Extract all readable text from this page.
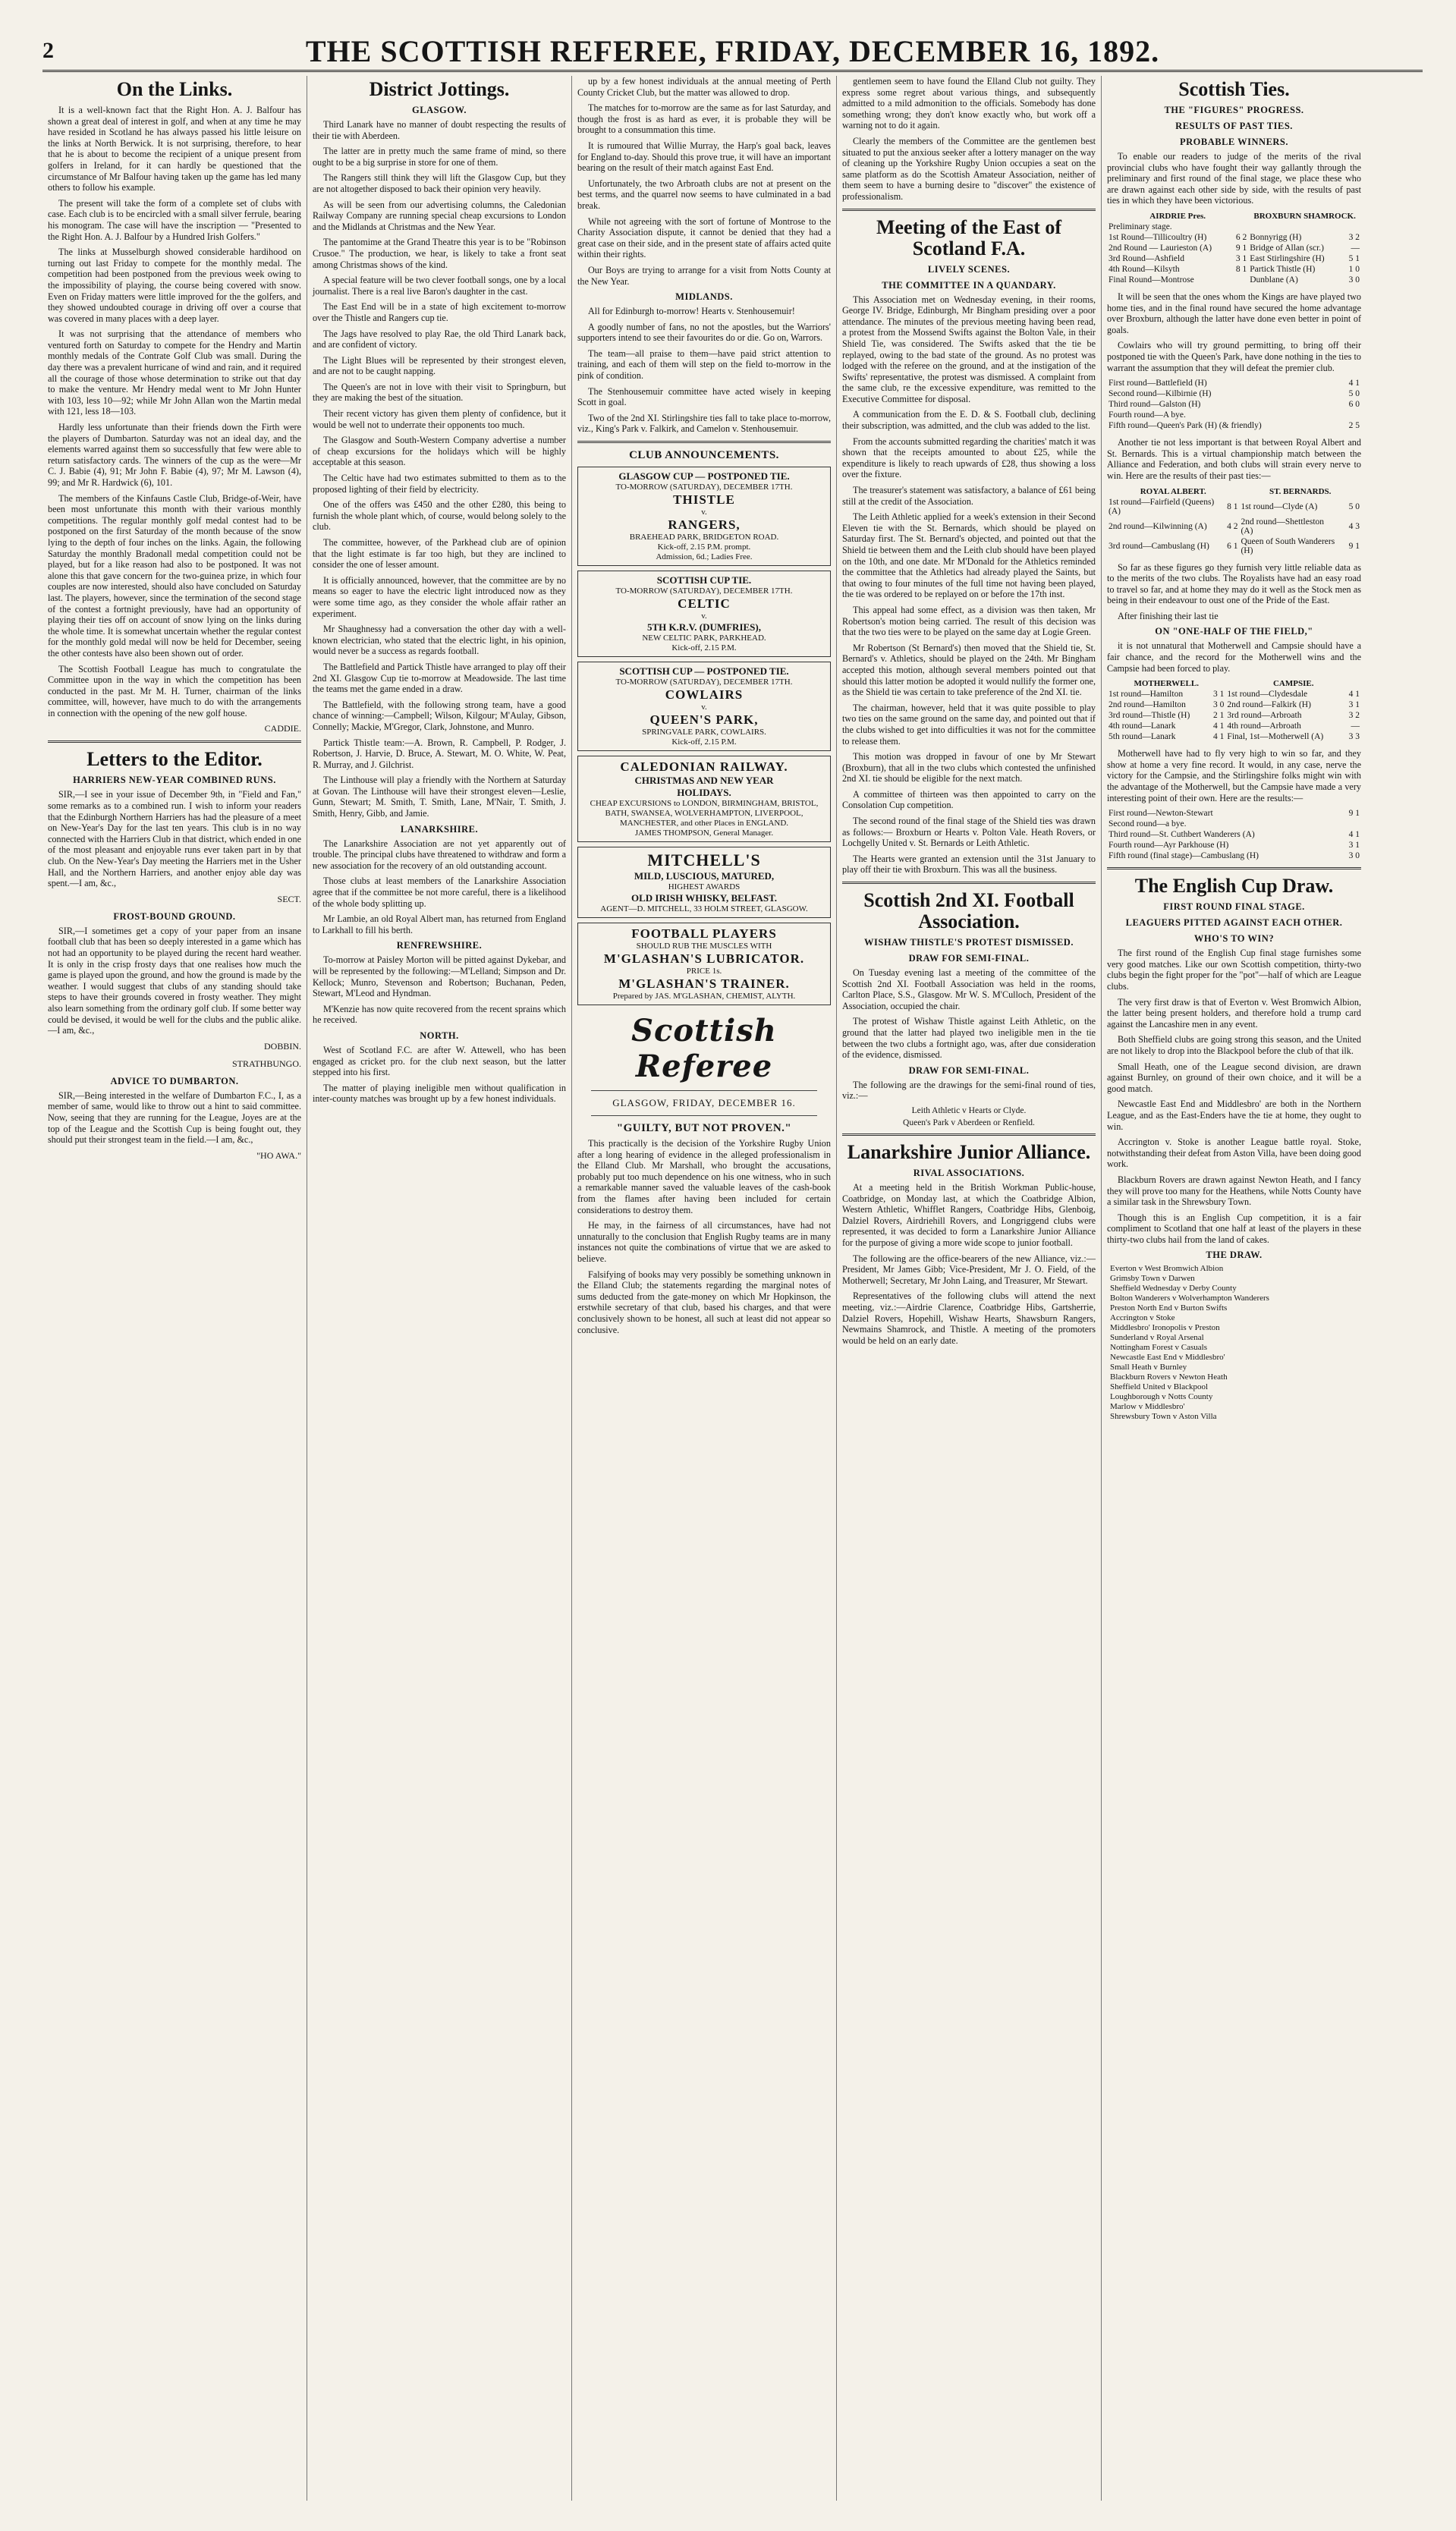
2	THE SCOTTISH REFEREE, FRIDAY, DECEMBER 16, 1892.
On the Links.

It is a well-known fact that the Right Hon. A. J. Balfour has shown a great deal of interest in golf, and when at any time he may have resided in Scotland he has always passed his little leisure on the links at North Berwick. It is not surprising, therefore, to hear that he is about to become the recipient of a unique present from golfers in Ireland, for it can hardly be questioned that the circumstance of Mr Balfour having taken up the game has led many others to follow his example.

The present will take the form of a complete set of clubs with case. Each club is to be encircled with a small silver ferrule, bearing his monogram. The case will have the inscription — "Presented to the Right Hon. A. J. Balfour by a Hundred Irish Golfers."

The links at Musselburgh showed considerable hardihood on turning out last Friday to compete for the monthly medal. The competition had been postponed from the previous week owing to the impossibility of playing, the course being covered with snow. Even on Friday matters were little improved for the the golfers, and they showed undoubted courage in driving off over a course that was covered in many places with a deep layer.

It was not surprising that the attendance of members who ventured forth on Saturday to compete for the Hendry and Martin monthly medals of the Contrate Golf Club was small. During the day there was a prevalent hurricane of wind and rain, and it required all the courage of those whose determination to strike out that day to make the venture. Mr Hendry medal went to Mr John Hunter with 103, less 10—92; while Mr John Allan won the Martin medal with 121, less 18—103.

Hardly less unfortunate than their friends down the Firth were the players of Dumbarton. Saturday was not an ideal day, and the elements warred against them so successfully that few were able to return satisfactory cards. The winners of the cup as the were—Mr C. J. Babie (4), 91; Mr John F. Babie (4), 97; Mr M. Lawson (4), 99; and Mr R. Hardwick (6), 101.

The members of the Kinfauns Castle Club, Bridge-of-Weir, have been most unfortunate this month with their various monthly competitions. The regular monthly golf medal contest had to be postponed on the first Saturday of the month because of the snow lying to the depth of four inches on the links. Again, the following Saturday the monthly Bradonall medal competition could not be played, but for a like reason had also to be postponed. It was not alone this that gave concern for the two-guinea prize, in which four couples are now interested, should also have concluded on Saturday last. The players, however, since the termination of the second stage of the contest a fortnight previously, have had an opportunity of playing their ties off on account of snow lying on the links during the whole time. It is somewhat uncertain whether the regular contest for the monthly gold medal will now be held for December, seeing the other contests have also been shown out of order.

The Scottish Football League has much to congratulate the Committee upon in the way in which the competition has been conducted in the past. Mr M. H. Turner, chairman of the links committee, will, however, have much to do with the arrangements in connection with the opening of the new golf house.

CADDIE.
Letters to the Editor.
HARRIERS NEW-YEAR COMBINED RUNS.

SIR,—I see in your issue of December 9th, in "Field and Fan," some remarks as to a combined run. I wish to inform your readers that the Edinburgh Northern Harriers has had the pleasure of a meet on New-Year's Day for the last ten years. This club is in no way connected with the Harriers Club in that district, which ended in one of the most pleasant and enjoyable runs ever taken part in by that club. On the New-Year's Day meeting the Harriers met in the Usher Hall, and the Northern Harriers, and another enjoy able day was spent.—I am, &c.,

SECT.
FROST-BOUND GROUND.

SIR,—I sometimes get a copy of your paper from an insane football club that has been so deeply interested in a game which has not had an opportunity to be played during the recent hard weather. It is only in the crisp frosty days that one realises how much the game is played upon the ground, and how the ground is made by the weather. I would suggest that clubs of any standing should take steps to have their grounds covered in frosty weather. They might also learn something from the ordinary golf club. If some better way could be devised, it would be well for the clubs and the public alike.—I am, &c.,

DOBBIN.
STRATHBUNGO.
ADVICE TO DUMBARTON.

SIR,—Being interested in the welfare of Dumbarton F.C., I, as a member of same, would like to throw out a hint to said committee. Now, seeing that they are running for the League, Joyes are at the top of the League and the Scottish Cup is being fought out, they should put their strongest team in the field.—I am, &c.,

"HO AWA."
District Jottings.
GLASGOW.

Third Lanark have no manner of doubt respecting the results of their tie with Aberdeen.

The latter are in pretty much the same frame of mind, so there ought to be a big surprise in store for one of them.

The Rangers still think they will lift the Glasgow Cup, but they are not altogether disposed to back their opinion very heavily.

As will be seen from our advertising columns, the Caledonian Railway Company are running special cheap excursions to London and the Midlands at Christmas and the New Year.

The pantomime at the Grand Theatre this year is to be "Robinson Crusoe." The production, we hear, is likely to take a front seat among Christmas shows of the kind.

A special feature will be two clever football songs, one by a local journalist. There is a real live Baron's daughter in the cast.

The East End will be in a state of high excitement to-morrow over the Thistle and Rangers cup tie.

The Jags have resolved to play Rae, the old Third Lanark back, and are confident of victory.

The Light Blues will be represented by their strongest eleven, and are not to be caught napping.

The Queen's are not in love with their visit to Springburn, but they are making the best of the situation.

Their recent victory has given them plenty of confidence, but it would be well not to underrate their opponents too much.

The Glasgow and South-Western Company advertise a number of cheap excursions for the holidays which will be highly acceptable at this season.

The Celtic have had two estimates submitted to them as to the proposed lighting of their field by electricity.

One of the offers was £450 and the other £280, this being to furnish the whole plant which, of course, would belong solely to the club.

The committee, however, of the Parkhead club are of opinion that the light estimate is far too high, but they are inclined to consider the one of lesser amount.

It is officially announced, however, that the committee are by no means so eager to have the electric light introduced now as they were some time ago, as they consider the whole affair rather an experiment.

Mr Shaughnessy had a conversation the other day with a well-known electrician, who stated that the electric light, in his opinion, would never be a success as regards football.

The Battlefield and Partick Thistle have arranged to play off their 2nd XI. Glasgow Cup tie to-morrow at Meadowside. The last time the teams met the game ended in a draw.

The Battlefield, with the following strong team, have a good chance of winning:—Campbell; Wilson, Kilgour; M'Aulay, Gibson, Connelly; Mackie, M'Gregor, Clark, Johnstone, and Munro.

Partick Thistle team:—A. Brown, R. Campbell, P. Rodger, J. Robertson, J. Harvie, D. Bruce, A. Stewart, M. O. White, W. Peat, R. Murray, and J. Gilchrist.

The Linthouse will play a friendly with the Northern at Saturday at Govan. The Linthouse will have their strongest eleven—Leslie, Gunn, Stewart; M. Smith, T. Smith, Lane, M'Nair, T. Smith, J. Smith, Henry, Gibb, and Jamie.

LANARKSHIRE.

The Lanarkshire Association are not yet apparently out of trouble. The principal clubs have threatened to withdraw and form a new association for the recovery of an old outstanding account.

Those clubs at least members of the Lanarkshire Association agree that if the committee be not more careful, there is a likelihood of the whole body splitting up.

Mr Lambie, an old Royal Albert man, has returned from England to Larkhall to fill his berth.

RENFREWSHIRE.

To-morrow at Paisley Morton will be pitted against Dykebar, and will be represented by the following:—M'Lelland; Simpson and Dr. Kellock; Munro, Stevenson and Robertson; Buchanan, Peden, Stewart, M'Leod and Hyndman.

M'Kenzie has now quite recovered from the recent sprains which he received.

NORTH.

West of Scotland F.C. are after W. Attewell, who has been engaged as cricket pro. for the club next season, but the latter stepped into his first.

The matter of playing ineligible men without qualification in inter-county matches was brought up by a few honest individuals.

up by a few honest individuals at the annual meeting of Perth County Cricket Club, but the matter was allowed to drop.

The matches for to-morrow are the same as for last Saturday, and though the frost is as hard as ever, it is probable they will be brought to a consummation this time.

It is rumoured that Willie Murray, the Harp's goal back, leaves for England to-day. Should this prove true, it will have an important bearing on the result of their match against East End.

Unfortunately, the two Arbroath clubs are not at present on the best terms, and the quarrel now seems to have culminated in a bad break.

While not agreeing with the sort of fortune of Montrose to the Charity Association dispute, it cannot be denied that they had a great case on their side, and in the present state of affairs acted quite within their rights.

Our Boys are trying to arrange for a visit from Notts County at the New Year.

MIDLANDS.

All for Edinburgh to-morrow! Hearts v. Stenhousemuir!

A goodly number of fans, no not the apostles, but the Warriors' supporters intend to see their favourites do or die. Go on, Warrors.

The team—all praise to them—have paid strict attention to training, and each of them will step on the field to-morrow in the pink of condition.

The Stenhousemuir committee have acted wisely in keeping Scott in goal.

Two of the 2nd XI. Stirlingshire ties fall to take place to-morrow, viz., King's Park v. Falkirk, and Camelon v. Stenhousemuir.

CLUB ANNOUNCEMENTS.
GLASGOW CUP — POSTPONED TIE.
TO-MORROW (SATURDAY), DECEMBER 17TH.
THISTLE
v.
RANGERS,
BRAEHEAD PARK, BRIDGETON ROAD.
Kick-off, 2.15 P.M. prompt.
Admission, 6d.; Ladies Free.
SCOTTISH CUP TIE.
TO-MORROW (SATURDAY), DECEMBER 17TH.
CELTIC
v.
5TH K.R.V. (DUMFRIES),
NEW CELTIC PARK, PARKHEAD.
Kick-off, 2.15 P.M.
SCOTTISH CUP — POSTPONED TIE.
TO-MORROW (SATURDAY), DECEMBER 17TH.
COWLAIRS
v.
QUEEN'S PARK,
SPRINGVALE PARK, COWLAIRS.
Kick-off, 2.15 P.M.
CALEDONIAN RAILWAY.
CHRISTMAS AND NEW YEAR
HOLIDAYS.
CHEAP EXCURSIONS to LONDON, BIRMINGHAM, BRISTOL, BATH, SWANSEA, WOLVERHAMPTON, LIVERPOOL, MANCHESTER, and other Places in ENGLAND.
JAMES THOMPSON, General Manager.
MITCHELL'S
MILD, LUSCIOUS, MATURED,
HIGHEST AWARDS
OLD IRISH WHISKY, BELFAST.
AGENT—D. MITCHELL, 33 HOLM STREET, GLASGOW.
FOOTBALL PLAYERS
SHOULD RUB THE MUSCLES WITH
M'GLASHAN'S LUBRICATOR.
PRICE 1s.
M'GLASHAN'S TRAINER.
Prepared by JAS. M'GLASHAN, CHEMIST, ALYTH.
Scottish Referee
GLASGOW, FRIDAY, DECEMBER 16.
"GUILTY, BUT NOT PROVEN."

This practically is the decision of the Yorkshire Rugby Union after a long hearing of evidence in the alleged professionalism in the Elland Club. Mr Marshall, who brought the accusations, probably put too much dependence on his one witness, who in such a remarkable manner saved the valuable leaves of the cash-book from the flames after having been included for certain considerations to destroy them.

He may, in the fairness of all circumstances, have had not unnaturally to the conclusion that English Rugby teams are in many instances not quite the combinations of virtue that we are asked to believe.

Falsifying of books may very possibly be something unknown in the Elland Club; the statements regarding the marginal notes of sums deducted from the gate-money on which Mr Hopkinson, the erstwhile secretary of that club, based his charges, and that were conclusively shown to be honest, all such at least did not appear so conclusive.

gentlemen seem to have found the Elland Club not guilty. They express some regret about various things, and subsequently admitted to a mild admonition to the officials. Somebody has done something wrong; they don't know exactly who, but work off a warning not to do it again.

Clearly the members of the Committee are the gentlemen best situated to put the anxious seeker after a lottery manager on the way of cleaning up the Yorkshire Rugby Union occupies a seat on the same platform as do the Scottish Amateur Association, neither of them seem to have a burning desire to "discover" the existence of professionalism.

Meeting of the East of Scotland F.A.
LIVELY SCENES.
THE COMMITTEE IN A QUANDARY.

This Association met on Wednesday evening, in their rooms, George IV. Bridge, Edinburgh, Mr Bingham presiding over a poor attendance. The minutes of the previous meeting having been read, a protest from the Mossend Swifts against the Bolton Vale, in their Shield Tie, was considered. The Swifts asked that the tie be replayed, owing to the bad state of the ground. As no protest was lodged with the referee on the ground, and at the instigation of the Swifts' representative, the protest was dismissed. A complaint from the same club, re the excessive expenditure, was remitted to the Executive Committee for disposal.

A communication from the E. D. & S. Football club, declining their subscription, was admitted, and the club was added to the list.

From the accounts submitted regarding the charities' match it was shown that the receipts amounted to about £25, while the expenditure is likely to reach upwards of £28, thus showing a loss over the fixture.

The treasurer's statement was satisfactory, a balance of £61 being still at the credit of the Association.

The Leith Athletic applied for a week's extension in their Second Eleven tie with the St. Bernards, which should be played on Saturday first. The St. Bernard's objected, and pointed out that the Shield tie between them and the Leith club should have been played on the 10th, and one date. Mr M'Donald for the Athletics reminded the committee that the Athletics had already played the Saints, but that owing to four minutes of the full time not having been played, the tie was ordered to be replayed on or before the 17th inst.

This appeal had some effect, as a division was then taken, Mr Robertson's motion being carried. The result of this decision was that the two ties were to be played on the same day at Logie Green.

Mr Robertson (St Bernard's) then moved that the Shield tie, St. Bernard's v. Athletics, should be played on the 24th. Mr Bingham accepted this motion, although several members pointed out that should this latter motion be adopted it would nullify the former one, as the Shield tie was certain to take preference of the 2nd XI. tie.

The chairman, however, held that it was quite possible to play two ties on the same ground on the same day, and pointed out that if the clubs wished to get into difficulties it was not for the committee to release them.

This motion was dropped in favour of one by Mr Stewart (Broxburn), that all in the two clubs which contested the unfinished 2nd XI. tie should be eligible for the next match.

A committee of thirteen was then appointed to carry on the Consolation Cup competition.

The second round of the final stage of the Shield ties was drawn as follows:— Broxburn or Hearts v. Polton Vale. Heath Rovers, or Lochgelly United v. St. Bernards or Leith Athletic.

The Hearts were granted an extension until the 31st January to play off their tie with Broxburn. This was all the business.

Scottish 2nd XI. Football Association.
WISHAW THISTLE'S PROTEST DISMISSED.
DRAW FOR SEMI-FINAL.

On Tuesday evening last a meeting of the committee of the Scottish 2nd XI. Football Association was held in the rooms, Carlton Place, S.S., Glasgow. Mr W. S. M'Culloch, President of the Association, occupied the chair.

The protest of Wishaw Thistle against Leith Athletic, on the ground that the latter had played two ineligible men in the tie between the two clubs a fortnight ago, was, after due consideration of the evidence, dismissed.

DRAW FOR SEMI-FINAL.

The following are the drawings for the semi-final round of ties, viz.:—

Leith Athletic v Hearts or Clyde.
Queen's Park v Aberdeen or Renfield.
Lanarkshire Junior Alliance.
RIVAL ASSOCIATIONS.

At a meeting held in the British Workman Public-house, Coatbridge, on Monday last, at which the Coatbridge Albion, Western Athletic, Whifflet Rangers, Coatbridge Hibs, Glenboig, Dalziel Rovers, Airdriehill Rovers, and Longriggend clubs were represented, it was decided to form a Lanarkshire Junior Alliance for the purpose of giving a more wide scope to junior football.

The following are the office-bearers of the new Alliance, viz.:—President, Mr James Gibb; Vice-President, Mr J. O. Field, of the Motherwell; Secretary, Mr John Laing, and Treasurer, Mr Stewart.

Representatives of the following clubs will attend the next meeting, viz.:—Airdrie Clarence, Coatbridge Hibs, Gartsherrie, Dalziel Rovers, Hopehill, Wishaw Hearts, Shawsburn Rangers, Newmains Shamrock, and Thistle. A meeting of the promoters would be held on an early date.

Scottish Ties.
THE "FIGURES" PROGRESS.
RESULTS OF PAST TIES.
PROBABLE WINNERS.

To enable our readers to judge of the merits of the rival provincial clubs who have fought their way gallantly through the preliminary and first round of the final stage, we place these who are drawn against each other side by side, with the results of past ties in which they have been victorious.

AIRDRIE Pres.		BROXBURN SHAMROCK.	
Preliminary stage.			
1st Round—Tillicoultry (H)	6 2	Bonnyrigg (H)	3 2
2nd Round — Laurieston (A)	9 1	Bridge of Allan (scr.)	—
3rd Round—Ashfield	3 1	East Stirlingshire (H)	5 1
4th Round—Kilsyth	8 1	Partick Thistle (H)	1 0
Final Round—Montrose		Dunblane (A)	3 0

It will be seen that the ones whom the Kings are have played two home ties, and in the final round have secured the home advantage over Broxburn, although the latter have done even better in point of goals.

Cowlairs who will try ground permitting, to bring off their postponed tie with the Queen's Park, have done nothing in the ties to warrant the assumption that they will defeat the premier club.

First round—Battlefield (H)	4 1
Second round—Kilbirnie (H)	5 0
Third round—Galston (H)	6 0
Fourth round—A bye.	
Fifth round—Queen's Park (H) (& friendly)	2 5

Another tie not less important is that between Royal Albert and St. Bernards. This is a virtual championship match between the Alliance and Federation, and both clubs will strain every nerve to win. Here are the results of their past ties:—

ROYAL ALBERT.		ST. BERNARDS.	
1st round—Fairfield (Queens) (A)	8 1	1st round—Clyde (A)	5 0
2nd round—Kilwinning (A)	4 2	2nd round—Shettleston (A)	4 3
3rd round—Cambuslang (H)	6 1	Queen of South Wanderers (H)	9 1

So far as these figures go they furnish very little reliable data as to the merits of the two clubs. The Royalists have had an easy road to travel so far, and at home they may do it well as the Stock men as being in their endeavour to oust one of the Pride of the East.

After finishing their last tie

ON "ONE-HALF OF THE FIELD,"

it is not unnatural that Motherwell and Campsie should have a fair chance, and the record for the Motherwell wins and the Campsie had been forced to play.

MOTHERWELL.		CAMPSIE.	
1st round—Hamilton	3 1	1st round—Clydesdale	4 1
2nd round—Hamilton	3 0	2nd round—Falkirk (H)	3 1
3rd round—Thistle (H)	2 1	3rd round—Arbroath	3 2
4th round—Lanark	4 1	4th round—Arbroath	—
5th round—Lanark	4 1	Final, 1st—Motherwell (A)	3 3

Motherwell have had to fly very high to win so far, and they show at home a very fine record. It would, in any case, nerve the victory for the Campsie, and the Stirlingshire folks might win with the advantage of the Motherwell, but the Campsie have made a very interesting point of their own. Here are the results:—

First round—Newton-Stewart	9 1
Second round—a bye.	
Third round—St. Cuthbert Wanderers (A)	4 1
Fourth round—Ayr Parkhouse (H)	3 1
Fifth round (final stage)—Cambuslang (H)	3 0
The English Cup Draw.
FIRST ROUND FINAL STAGE.
LEAGUERS PITTED AGAINST EACH OTHER.
WHO'S TO WIN?

The first round of the English Cup final stage furnishes some very good matches. Like our own Scottish competition, thirty-two clubs begin the fight proper for the "pot"—half of which are League clubs.

The very first draw is that of Everton v. West Bromwich Albion, the latter being present holders, and therefore hold a trump card against the Lancashire men in any event.

Both Sheffield clubs are going strong this season, and the United are not likely to drop into the Blackpool before the club of that ilk.

Small Heath, one of the League second division, are drawn against Burnley, on ground of their own choice, and it will be a good match.

Newcastle East End and Middlesbro' are both in the Northern League, and as the East-Enders have the tie at home, they ought to win.

Accrington v. Stoke is another League battle royal. Stoke, notwithstanding their defeat from Aston Villa, have been doing good work.

Blackburn Rovers are drawn against Newton Heath, and I fancy they will prove too many for the Heathens, while Notts County have a similar task in the Shrewsbury Town.

Though this is an English Cup competition, it is a fair compliment to Scotland that one half at least of the players in these thirty-two clubs hail from the land of cakes.

THE DRAW.
Everton v West Bromwich Albion
Grimsby Town v Darwen
Sheffield Wednesday v Derby County
Bolton Wanderers v Wolverhampton Wanderers
Preston North End v Burton Swifts
Accrington v Stoke
Middlesbro' Ironopolis v Preston
Sunderland v Royal Arsenal
Nottingham Forest v Casuals
Newcastle East End v Middlesbro'
Small Heath v Burnley
Blackburn Rovers v Newton Heath
Sheffield United v Blackpool
Loughborough v Notts County
Marlow v Middlesbro'
Shrewsbury Town v Aston Villa
